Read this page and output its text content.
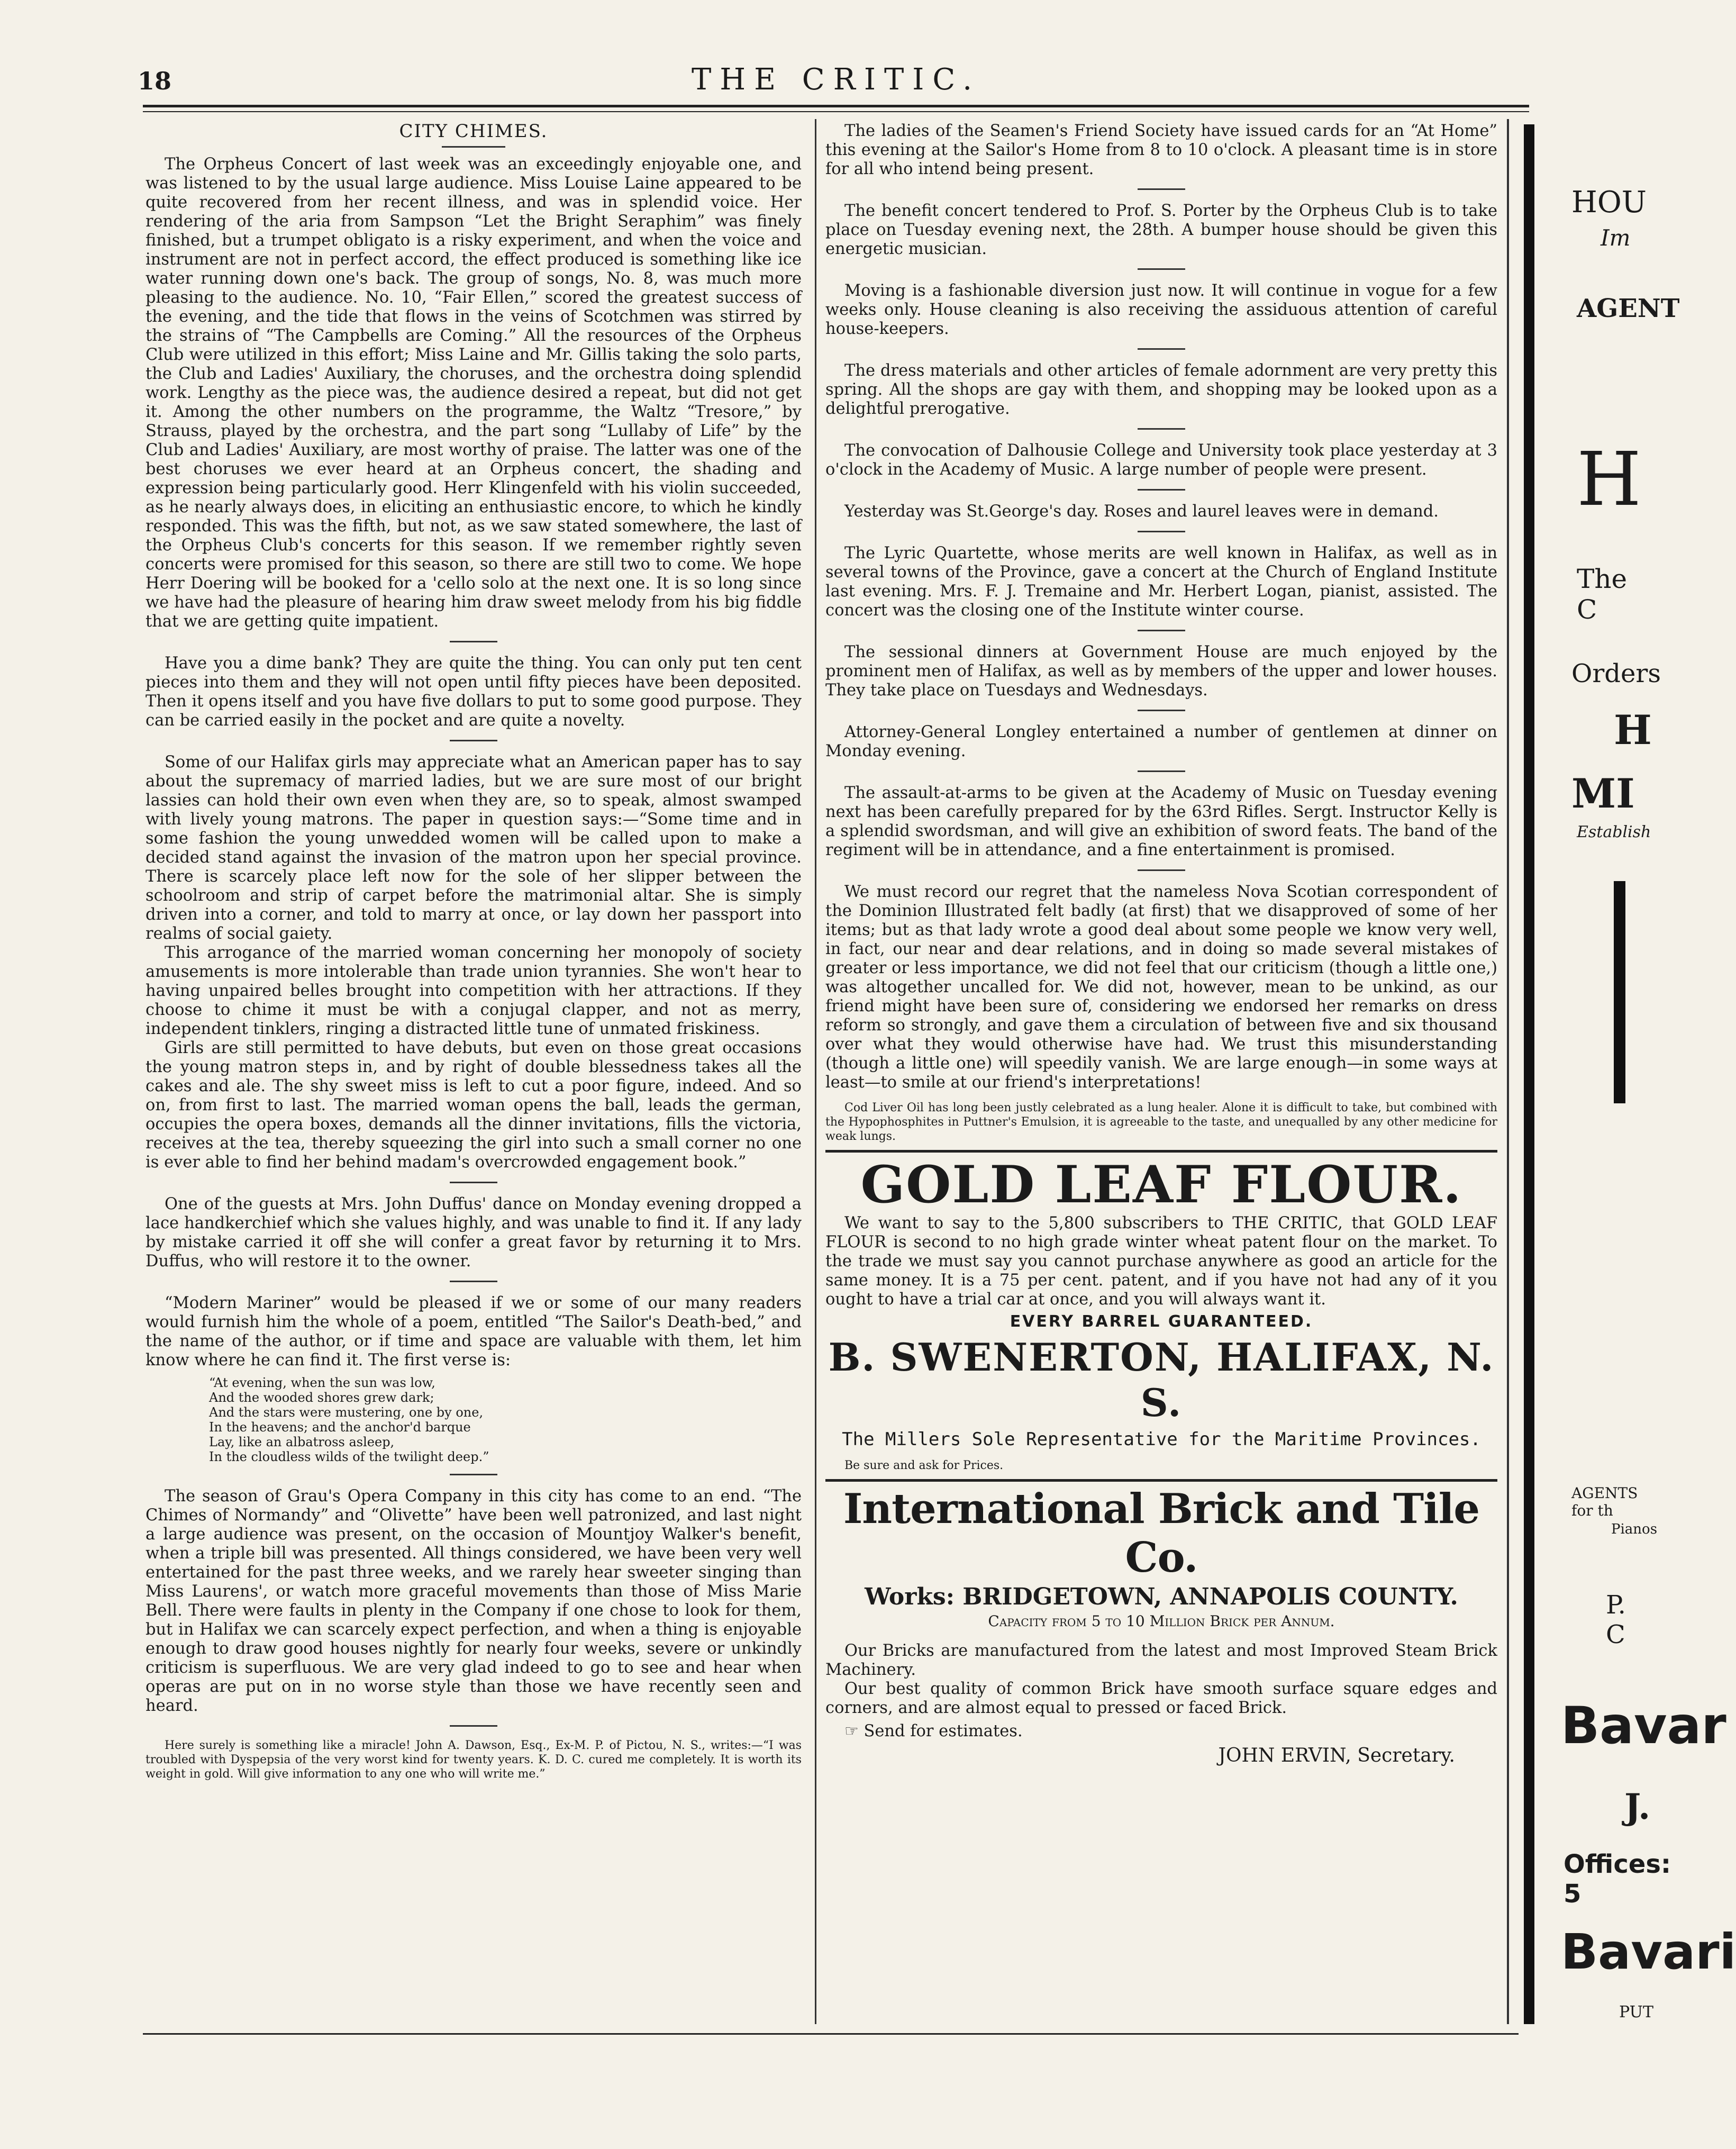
18	THE CRITIC.
CITY CHIMES.

The Orpheus Concert of last week was an exceedingly enjoyable one, and was listened to by the usual large audience. Miss Louise Laine appeared to be quite recovered from her recent illness, and was in splendid voice. Her rendering of the aria from Sampson “Let the Bright Seraphim” was finely finished, but a trumpet obligato is a risky experiment, and when the voice and instrument are not in perfect accord, the effect produced is something like ice water running down one's back. The group of songs, No. 8, was much more pleasing to the audience. No. 10, “Fair Ellen,” scored the greatest success of the evening, and the tide that flows in the veins of Scotchmen was stirred by the strains of “The Campbells are Coming.” All the resources of the Orpheus Club were utilized in this effort; Miss Laine and Mr. Gillis taking the solo parts, the Club and Ladies' Auxiliary, the choruses, and the orchestra doing splendid work. Lengthy as the piece was, the audience desired a repeat, but did not get it. Among the other numbers on the programme, the Waltz “Tresore,” by Strauss, played by the orchestra, and the part song “Lullaby of Life” by the Club and Ladies' Auxiliary, are most worthy of praise. The latter was one of the best choruses we ever heard at an Orpheus concert, the shading and expression being particularly good. Herr Klingenfeld with his violin succeeded, as he nearly always does, in eliciting an enthusiastic encore, to which he kindly responded. This was the fifth, but not, as we saw stated somewhere, the last of the Orpheus Club's concerts for this season. If we remember rightly seven concerts were promised for this season, so there are still two to come. We hope Herr Doering will be booked for a 'cello solo at the next one. It is so long since we have had the pleasure of hearing him draw sweet melody from his big fiddle that we are getting quite impatient.

Have you a dime bank? They are quite the thing. You can only put ten cent pieces into them and they will not open until fifty pieces have been deposited. Then it opens itself and you have five dollars to put to some good purpose. They can be carried easily in the pocket and are quite a novelty.

Some of our Halifax girls may appreciate what an American paper has to say about the supremacy of married ladies, but we are sure most of our bright lassies can hold their own even when they are, so to speak, almost swamped with lively young matrons. The paper in question says:—“Some time and in some fashion the young unwedded women will be called upon to make a decided stand against the invasion of the matron upon her special province. There is scarcely place left now for the sole of her slipper between the schoolroom and strip of carpet before the matrimonial altar. She is simply driven into a corner, and told to marry at once, or lay down her passport into realms of social gaiety.

This arrogance of the married woman concerning her monopoly of society amusements is more intolerable than trade union tyrannies. She won't hear to having unpaired belles brought into competition with her attractions. If they choose to chime it must be with a conjugal clapper, and not as merry, independent tinklers, ringing a distracted little tune of unmated friskiness.

Girls are still permitted to have debuts, but even on those great occasions the young matron steps in, and by right of double blessedness takes all the cakes and ale. The shy sweet miss is left to cut a poor figure, indeed. And so on, from first to last. The married woman opens the ball, leads the german, occupies the opera boxes, demands all the dinner invitations, fills the victoria, receives at the tea, thereby squeezing the girl into such a small corner no one is ever able to find her behind madam's overcrowded engagement book.”

One of the guests at Mrs. John Duffus' dance on Monday evening dropped a lace handkerchief which she values highly, and was unable to find it. If any lady by mistake carried it off she will confer a great favor by returning it to Mrs. Duffus, who will restore it to the owner.

“Modern Mariner” would be pleased if we or some of our many readers would furnish him the whole of a poem, entitled “The Sailor's Death-bed,” and the name of the author, or if time and space are valuable with them, let him know where he can find it. The first verse is:

“At evening, when the sun was low,
And the wooded shores grew dark;
And the stars were mustering, one by one,
In the heavens; and the anchor'd barque
Lay, like an albatross asleep,
In the cloudless wilds of the twilight deep.”

The season of Grau's Opera Company in this city has come to an end. “The Chimes of Normandy” and “Olivette” have been well patronized, and last night a large audience was present, on the occasion of Mountjoy Walker's benefit, when a triple bill was presented. All things considered, we have been very well entertained for the past three weeks, and we rarely hear sweeter singing than Miss Laurens', or watch more graceful movements than those of Miss Marie Bell. There were faults in plenty in the Company if one chose to look for them, but in Halifax we can scarcely expect perfection, and when a thing is enjoyable enough to draw good houses nightly for nearly four weeks, severe or unkindly criticism is superfluous. We are very glad indeed to go to see and hear when operas are put on in no worse style than those we have recently seen and heard.

Here surely is something like a miracle! John A. Dawson, Esq., Ex-M. P. of Pictou, N. S., writes:—“I was troubled with Dyspepsia of the very worst kind for twenty years. K. D. C. cured me completely. It is worth its weight in gold. Will give information to any one who will write me.”

The ladies of the Seamen's Friend Society have issued cards for an “At Home” this evening at the Sailor's Home from 8 to 10 o'clock. A pleasant time is in store for all who intend being present.

The benefit concert tendered to Prof. S. Porter by the Orpheus Club is to take place on Tuesday evening next, the 28th. A bumper house should be given this energetic musician.

Moving is a fashionable diversion just now. It will continue in vogue for a few weeks only. House cleaning is also receiving the assiduous attention of careful house-keepers.

The dress materials and other articles of female adornment are very pretty this spring. All the shops are gay with them, and shopping may be looked upon as a delightful prerogative.

The convocation of Dalhousie College and University took place yesterday at 3 o'clock in the Academy of Music. A large number of people were present.

Yesterday was St.George's day. Roses and laurel leaves were in demand.

The Lyric Quartette, whose merits are well known in Halifax, as well as in several towns of the Province, gave a concert at the Church of England Institute last evening. Mrs. F. J. Tremaine and Mr. Herbert Logan, pianist, assisted. The concert was the closing one of the Institute winter course.

The sessional dinners at Government House are much enjoyed by the prominent men of Halifax, as well as by members of the upper and lower houses. They take place on Tuesdays and Wednesdays.

Attorney-General Longley entertained a number of gentlemen at dinner on Monday evening.

The assault-at-arms to be given at the Academy of Music on Tuesday evening next has been carefully prepared for by the 63rd Rifles. Sergt. Instructor Kelly is a splendid swordsman, and will give an exhibition of sword feats. The band of the regiment will be in attendance, and a fine entertainment is promised.

We must record our regret that the nameless Nova Scotian correspondent of the Dominion Illustrated felt badly (at first) that we disapproved of some of her items; but as that lady wrote a good deal about some people we know very well, in fact, our near and dear relations, and in doing so made several mistakes of greater or less importance, we did not feel that our criticism (though a little one,) was altogether uncalled for. We did not, however, mean to be unkind, as our friend might have been sure of, considering we endorsed her remarks on dress reform so strongly, and gave them a circulation of between five and six thousand over what they would otherwise have had. We trust this misunderstanding (though a little one) will speedily vanish. We are large enough—in some ways at least—to smile at our friend's interpretations!

Cod Liver Oil has long been justly celebrated as a lung healer. Alone it is difficult to take, but combined with the Hypophosphites in Puttner's Emulsion, it is agreeable to the taste, and unequalled by any other medicine for weak lungs.

GOLD LEAF FLOUR.

We want to say to the 5,800 subscribers to THE CRITIC, that GOLD LEAF FLOUR is second to no high grade winter wheat patent flour on the market. To the trade we must say you cannot purchase anywhere as good an article for the same money. It is a 75 per cent. patent, and if you have not had any of it you ought to have a trial car at once, and you will always want it.

EVERY BARREL GUARANTEED.

B. SWENERTON, HALIFAX, N. S.

The Millers Sole Representative for the Maritime Provinces.

Be sure and ask for Prices.

International Brick and Tile Co.
Works: BRIDGETOWN, ANNAPOLIS COUNTY.

Capacity from 5 to 10 Million Brick per Annum.

Our Bricks are manufactured from the latest and most Improved Steam Brick Machinery.

Our best quality of common Brick have smooth surface square edges and corners, and are almost equal to pressed or faced Brick.

☞ Send for estimates.

JOHN ERVIN, Secretary.

HOU
Im
AGENT
H
The C
Orders
H
MI
Establish
AGENTS for th
Pianos
P. C
Bavar
J.
Offices: 5
Bavari
PUT
